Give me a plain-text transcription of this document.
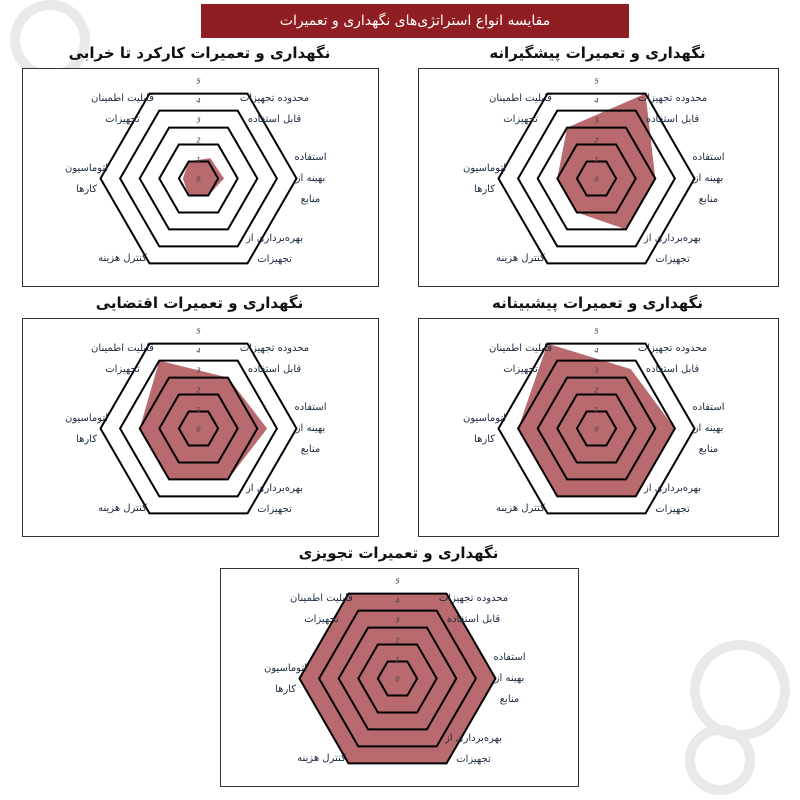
مقایسه انواع استراتژی‌های نگهداری و تعمیرات
نگهداری و تعمیرات کارکرد تا خرابی
0
1
2
3
4
5
محدوده تجهیزات
قابل استفاده
استفاده
بهینه از
منابع
بهره‌برداری از
تجهیزات
کنترل هزینه
اتوماسیون
کارها
قابلیت اطمینان
تجهیزات
نگهداری و تعمیرات پیشگیرانه
0
1
2
3
4
5
محدوده تجهیزات
قابل استفاده
استفاده
بهینه از
منابع
بهره‌برداری از
تجهیزات
کنترل هزینه
اتوماسیون
کارها
قابلیت اطمینان
تجهیزات
نگهداری و تعمیرات اقتضایی
0
1
2
3
4
5
محدوده تجهیزات
قابل استفاده
استفاده
بهینه از
منابع
بهره‌برداری از
تجهیزات
کنترل هزینه
اتوماسیون
کارها
قابلیت اطمینان
تجهیزات
نگهداری و تعمیرات پیشبینانه
0
1
2
3
4
5
محدوده تجهیزات
قابل استفاده
استفاده
بهینه از
منابع
بهره‌برداری از
تجهیزات
کنترل هزینه
اتوماسیون
کارها
قابلیت اطمینان
تجهیزات
نگهداری و تعمیرات تجویزی
0
1
2
3
4
5
محدوده تجهیزات
قابل استفاده
استفاده
بهینه از
منابع
بهره‌برداری از
تجهیزات
کنترل هزینه
اتوماسیون
کارها
قابلیت اطمینان
تجهیزات
